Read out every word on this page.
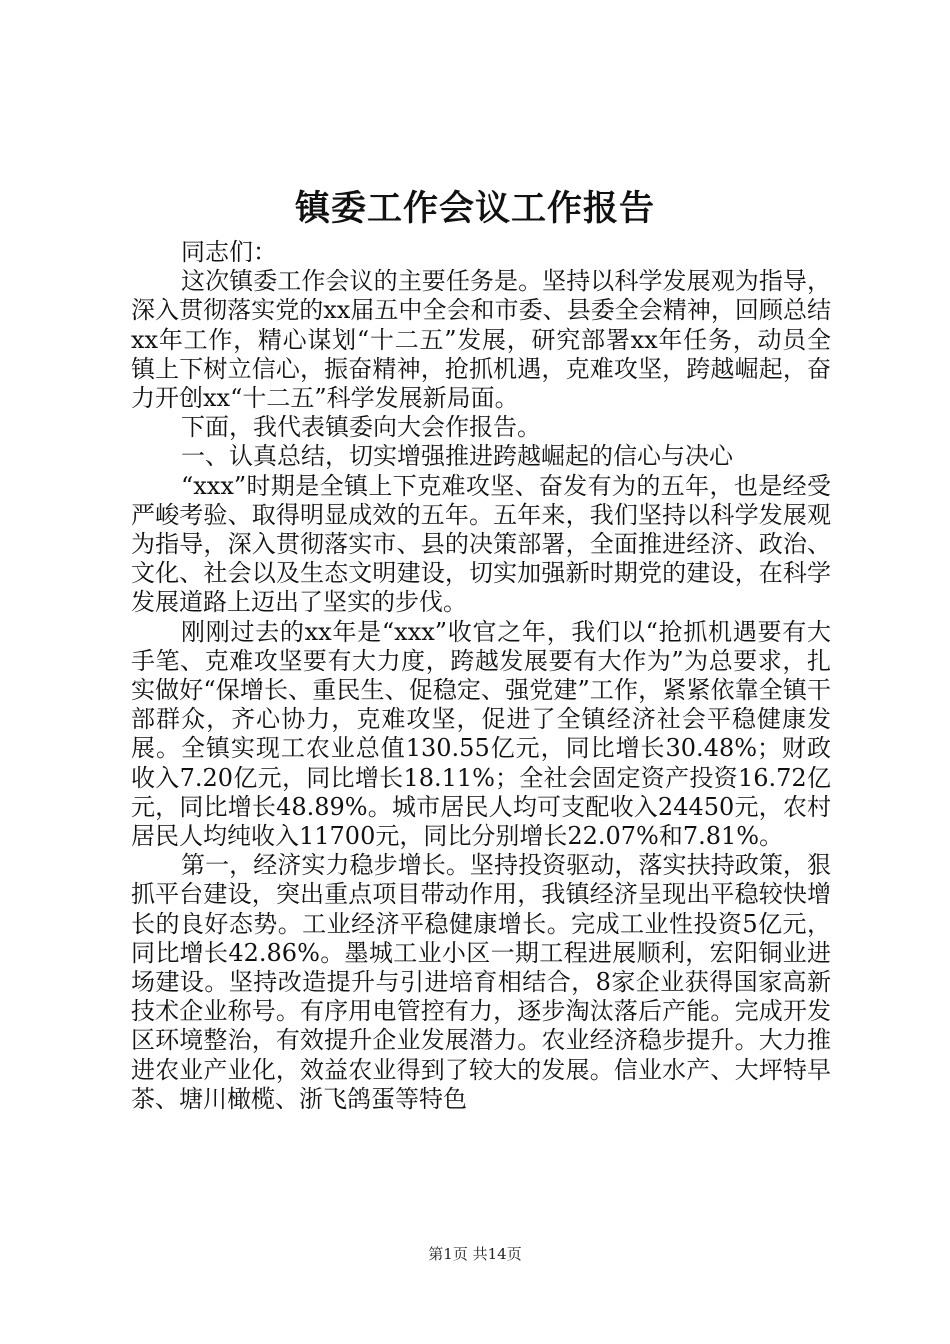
镇委工作会议工作报告

同志们：

这次镇委工作会议的主要任务是。坚持以科学发展观为指导，深入贯彻落实党的xx届五中全会和市委、县委全会精神，回顾总结xx年工作，精心谋划“十二五”发展，研究部署xx年任务，动员全镇上下树立信心，振奋精神，抢抓机遇，克难攻坚，跨越崛起，奋力开创xx“十二五”科学发展新局面。

下面，我代表镇委向大会作报告。

一、认真总结，切实增强推进跨越崛起的信心与决心

“xxx”时期是全镇上下克难攻坚、奋发有为的五年，也是经受严峻考验、取得明显成效的五年。五年来，我们坚持以科学发展观为指导，深入贯彻落实市、县的决策部署，全面推进经济、政治、文化、社会以及生态文明建设，切实加强新时期党的建设，在科学发展道路上迈出了坚实的步伐。

刚刚过去的xx年是“xxx”收官之年，我们以“抢抓机遇要有大手笔、克难攻坚要有大力度，跨越发展要有大作为”为总要求，扎实做好“保增长、重民生、促稳定、强党建”工作，紧紧依靠全镇干部群众，齐心协力，克难攻坚，促进了全镇经济社会平稳健康发展。全镇实现工农业总值130.55亿元，同比增长30.48%；财政收入7.20亿元，同比增长18.11%；全社会固定资产投资16.72亿元，同比增长48.89%。城市居民人均可支配收入24450元，农村居民人均纯收入11700元，同比分别增长22.07%和7.81%。

第一，经济实力稳步增长。坚持投资驱动，落实扶持政策，狠抓平台建设，突出重点项目带动作用，我镇经济呈现出平稳较快增长的良好态势。工业经济平稳健康增长。完成工业性投资5亿元，同比增长42.86%。墨城工业小区一期工程进展顺利，宏阳铜业进场建设。坚持改造提升与引进培育相结合，8家企业获得国家高新技术企业称号。有序用电管控有力，逐步淘汰落后产能。完成开发区环境整治，有效提升企业发展潜力。农业经济稳步提升。大力推进农业产业化，效益农业得到了较大的发展。信业水产、大坪特早茶、塘川橄榄、浙飞鸽蛋等特色

第1页 共14页
